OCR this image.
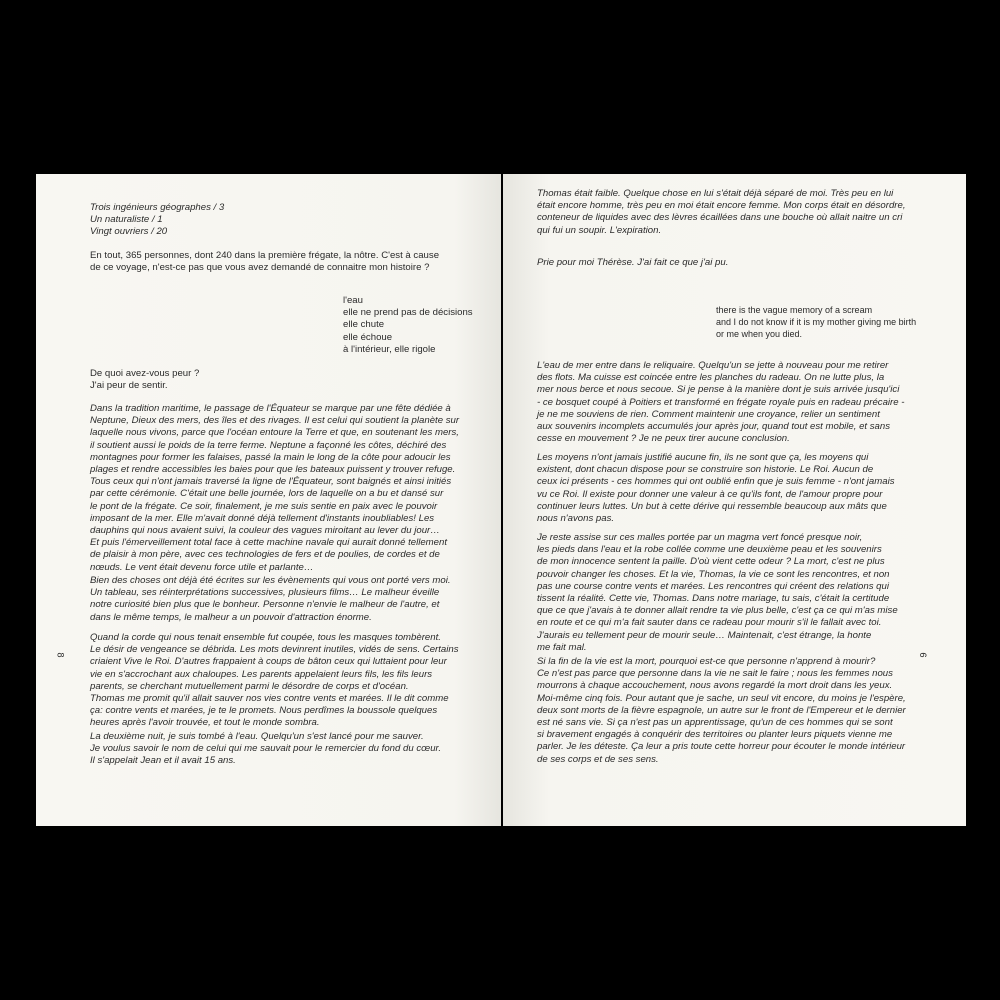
Trois ingénieurs géographes / 3
Un naturaliste / 1
Vingt ouvriers / 20

En tout, 365 personnes, dont 240 dans la première frégate, la nôtre. C'est à cause
de ce voyage, n'est-ce pas que vous avez demandé de connaitre mon histoire ?

l'eau
elle ne prend pas de décisions
elle chute
elle échoue
à l'intérieur, elle rigole

De quoi avez-vous peur ?
J'ai peur de sentir.

Dans la tradition maritime, le passage de l'Équateur se marque par une fête dédiée à
Neptune, Dieux des mers, des îles et des rivages. Il est celui qui soutient la planète sur
laquelle nous vivons, parce que l'océan entoure la Terre et que, en soutenant les mers,
il soutient aussi le poids de la terre ferme. Neptune a façonné les côtes, déchiré des
montagnes pour former les falaises, passé la main le long de la côte pour adoucir les
plages et rendre accessibles les baies pour que les bateaux puissent y trouver refuge.
Tous ceux qui n'ont jamais traversé la ligne de l'Équateur, sont baignés et ainsi initiés
par cette cérémonie. C'était une belle journée, lors de laquelle on a bu et dansé sur
le pont de la frégate. Ce soir, finalement, je me suis sentie en paix avec le pouvoir
imposant de la mer. Elle m'avait donné déjà tellement d'instants inoubliables! Les
dauphins qui nous avaient suivi, la couleur des vagues miroitant au lever du jour…
Et puis l'émerveillement total face à cette machine navale qui aurait donné tellement
de plaisir à mon père, avec ces technologies de fers et de poulies, de cordes et de
nœuds. Le vent était devenu force utile et parlante…

Bien des choses ont déjà été écrites sur les évènements qui vous ont porté vers moi.
Un tableau, ses réinterprétations successives, plusieurs films… Le malheur éveille
notre curiosité bien plus que le bonheur. Personne n'envie le malheur de l'autre, et
dans le même temps, le malheur a un pouvoir d'attraction énorme.

Quand la corde qui nous tenait ensemble fut coupée, tous les masques tombèrent.
Le désir de vengeance se débrida. Les mots devinrent inutiles, vidés de sens. Certains
criaient Vive le Roi. D'autres frappaient à coups de bâton ceux qui luttaient pour leur
vie en s'accrochant aux chaloupes. Les parents appelaient leurs fils, les fils leurs
parents, se cherchant mutuellement parmi le désordre de corps et d'océan.
Thomas me promit qu'il allait sauver nos vies contre vents et marées. Il le dit comme
ça: contre vents et marées, je te le promets. Nous perdîmes la boussole quelques
heures après l'avoir trouvée, et tout le monde sombra.

La deuxième nuit, je suis tombé à l'eau. Quelqu'un s'est lancé pour me sauver.
Je voulus savoir le nom de celui qui me sauvait pour le remercier du fond du cœur.
Il s'appelait Jean et il avait 15 ans.

8

Thomas était faible. Quelque chose en lui s'était déjà séparé de moi. Très peu en lui
était encore homme, très peu en moi était encore femme. Mon corps était en désordre,
conteneur de liquides avec des lèvres écaillées dans une bouche où allait naitre un cri
qui fui un soupir. L'expiration.

Prie pour moi Thérèse. J'ai fait ce que j'ai pu.

there is the vague memory of a scream
and I do not know if it is my mother giving me birth
or me when you died.

L'eau de mer entre dans le reliquaire. Quelqu'un se jette à nouveau pour me retirer
des flots. Ma cuisse est coincée entre les planches du radeau. On ne lutte plus, la
mer nous berce et nous secoue. Si je pense à la manière dont je suis arrivée jusqu'ici
- ce bosquet coupé à Poitiers et transformé en frégate royale puis en radeau précaire -
je ne me souviens de rien. Comment maintenir une croyance, relier un sentiment
aux souvenirs incomplets accumulés jour après jour, quand tout est mobile, et sans
cesse en mouvement ? Je ne peux tirer aucune conclusion.

Les moyens n'ont jamais justifié aucune fin, ils ne sont que ça, les moyens qui
existent, dont chacun dispose pour se construire son historie. Le Roi. Aucun de
ceux ici présents - ces hommes qui ont oublié enfin que je suis femme - n'ont jamais
vu ce Roi. Il existe pour donner une valeur à ce qu'ils font, de l'amour propre pour
continuer leurs luttes. Un but à cette dérive qui ressemble beaucoup aux mâts que
nous n'avons pas.

Je reste assise sur ces malles portée par un magma vert foncé presque noir,
les pieds dans l'eau et la robe collée comme une deuxième peau et les souvenirs
de mon innocence sentent la paille. D'où vient cette odeur ? La mort, c'est ne plus
pouvoir changer les choses. Et la vie, Thomas, la vie ce sont les rencontres, et non
pas une course contre vents et marées. Les rencontres qui créent des relations qui
tissent la réalité. Cette vie, Thomas. Dans notre mariage, tu sais, c'était la certitude
que ce que j'avais à te donner allait rendre ta vie plus belle, c'est ça ce qui m'as mise
en route et ce qui m'a fait sauter dans ce radeau pour mourir s'il le fallait avec toi.
J'aurais eu tellement peur de mourir seule… Maintenait, c'est étrange, la honte
me fait mal.

Si la fin de la vie est la mort, pourquoi est-ce que personne n'apprend à mourir?
Ce n'est pas parce que personne dans la vie ne sait le faire ; nous les femmes nous
mourrons à chaque accouchement, nous avons regardé la mort droit dans les yeux.
Moi-même cinq fois. Pour autant que je sache, un seul vit encore, du moins je l'espère,
deux sont morts de la fièvre espagnole, un autre sur le front de l'Empereur et le dernier
est né sans vie. Si ça n'est pas un apprentissage, qu'un de ces hommes qui se sont
si bravement engagés à conquérir des territoires ou planter leurs piquets vienne me
parler. Je les déteste. Ça leur a pris toute cette horreur pour écouter le monde intérieur
de ses corps et de ses sens.

9
